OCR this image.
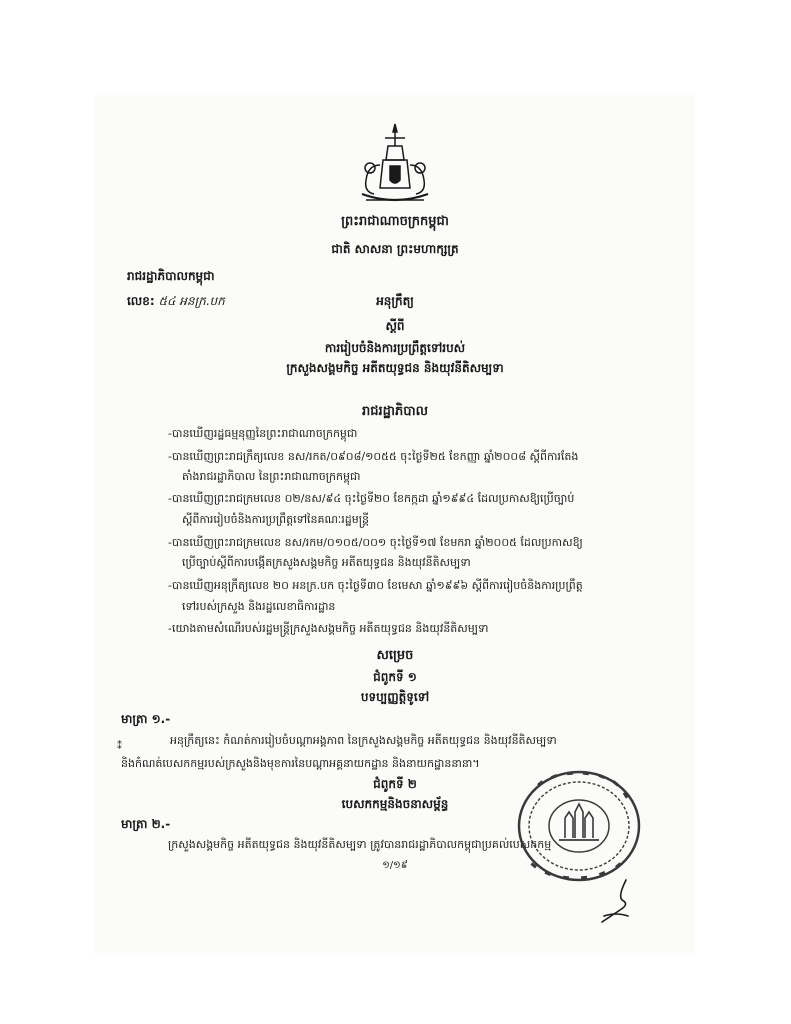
ព្រះរាជាណាចក្រកម្ពុជា
ជាតិ សាសនា ព្រះមហាក្សត្រ
រាជរដ្ឋាភិបាលកម្ពុជា
លេខ: ៥៤ អនក្រ.បក	អនុក្រឹត្យ
ស្តីពី
ការរៀបចំនិងការប្រព្រឹត្តទៅរបស់
ក្រសួងសង្គមកិច្ច អតីតយុទ្ធជន និងយុវនីតិសម្បទា
រាជរដ្ឋាភិបាល
-បានឃើញរដ្ឋធម្មនុញ្ញនៃព្រះរាជាណាចក្រកម្ពុជា
-បានឃើញព្រះរាជក្រឹត្យលេខ នស/រកត/០៩០៨/១០៥៥ ចុះថ្ងៃទី២៥ ខែកញ្ញា ឆ្នាំ២០០៨ ស្តីពីការតែង
តាំងរាជរដ្ឋាភិបាល នៃព្រះរាជាណាចក្រកម្ពុជា
-បានឃើញព្រះរាជក្រមលេខ ០២/នស/៩៤ ចុះថ្ងៃទី២០ ខែកក្កដា ឆ្នាំ១៩៩៤ ដែលប្រកាសឱ្យប្រើច្បាប់
ស្តីពីការរៀបចំនិងការប្រព្រឹត្តទៅនៃគណៈរដ្ឋមន្ត្រី
-បានឃើញព្រះរាជក្រមលេខ នស/រកម/០១០៥/០០១ ចុះថ្ងៃទី១៧ ខែមករា ឆ្នាំ២០០៥ ដែលប្រកាសឱ្យ
ប្រើច្បាប់ស្តីពីការបង្កើតក្រសួងសង្គមកិច្ច អតីតយុទ្ធជន និងយុវនីតិសម្បទា
-បានឃើញអនុក្រឹត្យលេខ ២០ អនក្រ.បក ចុះថ្ងៃទី៣០ ខែមេសា ឆ្នាំ១៩៩៦ ស្តីពីការរៀបចំនិងការប្រព្រឹត្ត
ទៅរបស់ក្រសួង និងរដ្ឋលេខាធិការដ្ឋាន
-យោងតាមសំណើរបស់រដ្ឋមន្ត្រីក្រសួងសង្គមកិច្ច អតីតយុទ្ធជន និងយុវនីតិសម្បទា
សម្រេច
ជំពូកទី ១
បទប្បញ្ញត្តិទូទៅ
មាត្រា ១.-
អនុក្រឹត្យនេះ កំណត់ការរៀបចំបណ្តាអង្គភាព នៃក្រសួងសង្គមកិច្ច អតីតយុទ្ធជន និងយុវនីតិសម្បទា
និងកំណត់បេសកកម្មរបស់ក្រសួងនិងមុខការនៃបណ្តាអគ្គនាយកដ្ឋាន និងនាយកដ្ឋាននានា។
ជំពូកទី ២
បេសកកម្មនិងចនាសម្ព័ន្ធ
មាត្រា ២.-
ក្រសួងសង្គមកិច្ច អតីតយុទ្ធជន និងយុវនីតិសម្បទា ត្រូវបានរាជរដ្ឋាភិបាលកម្ពុជាប្រគល់បេសកកម្ម
១/១៩
⁑
